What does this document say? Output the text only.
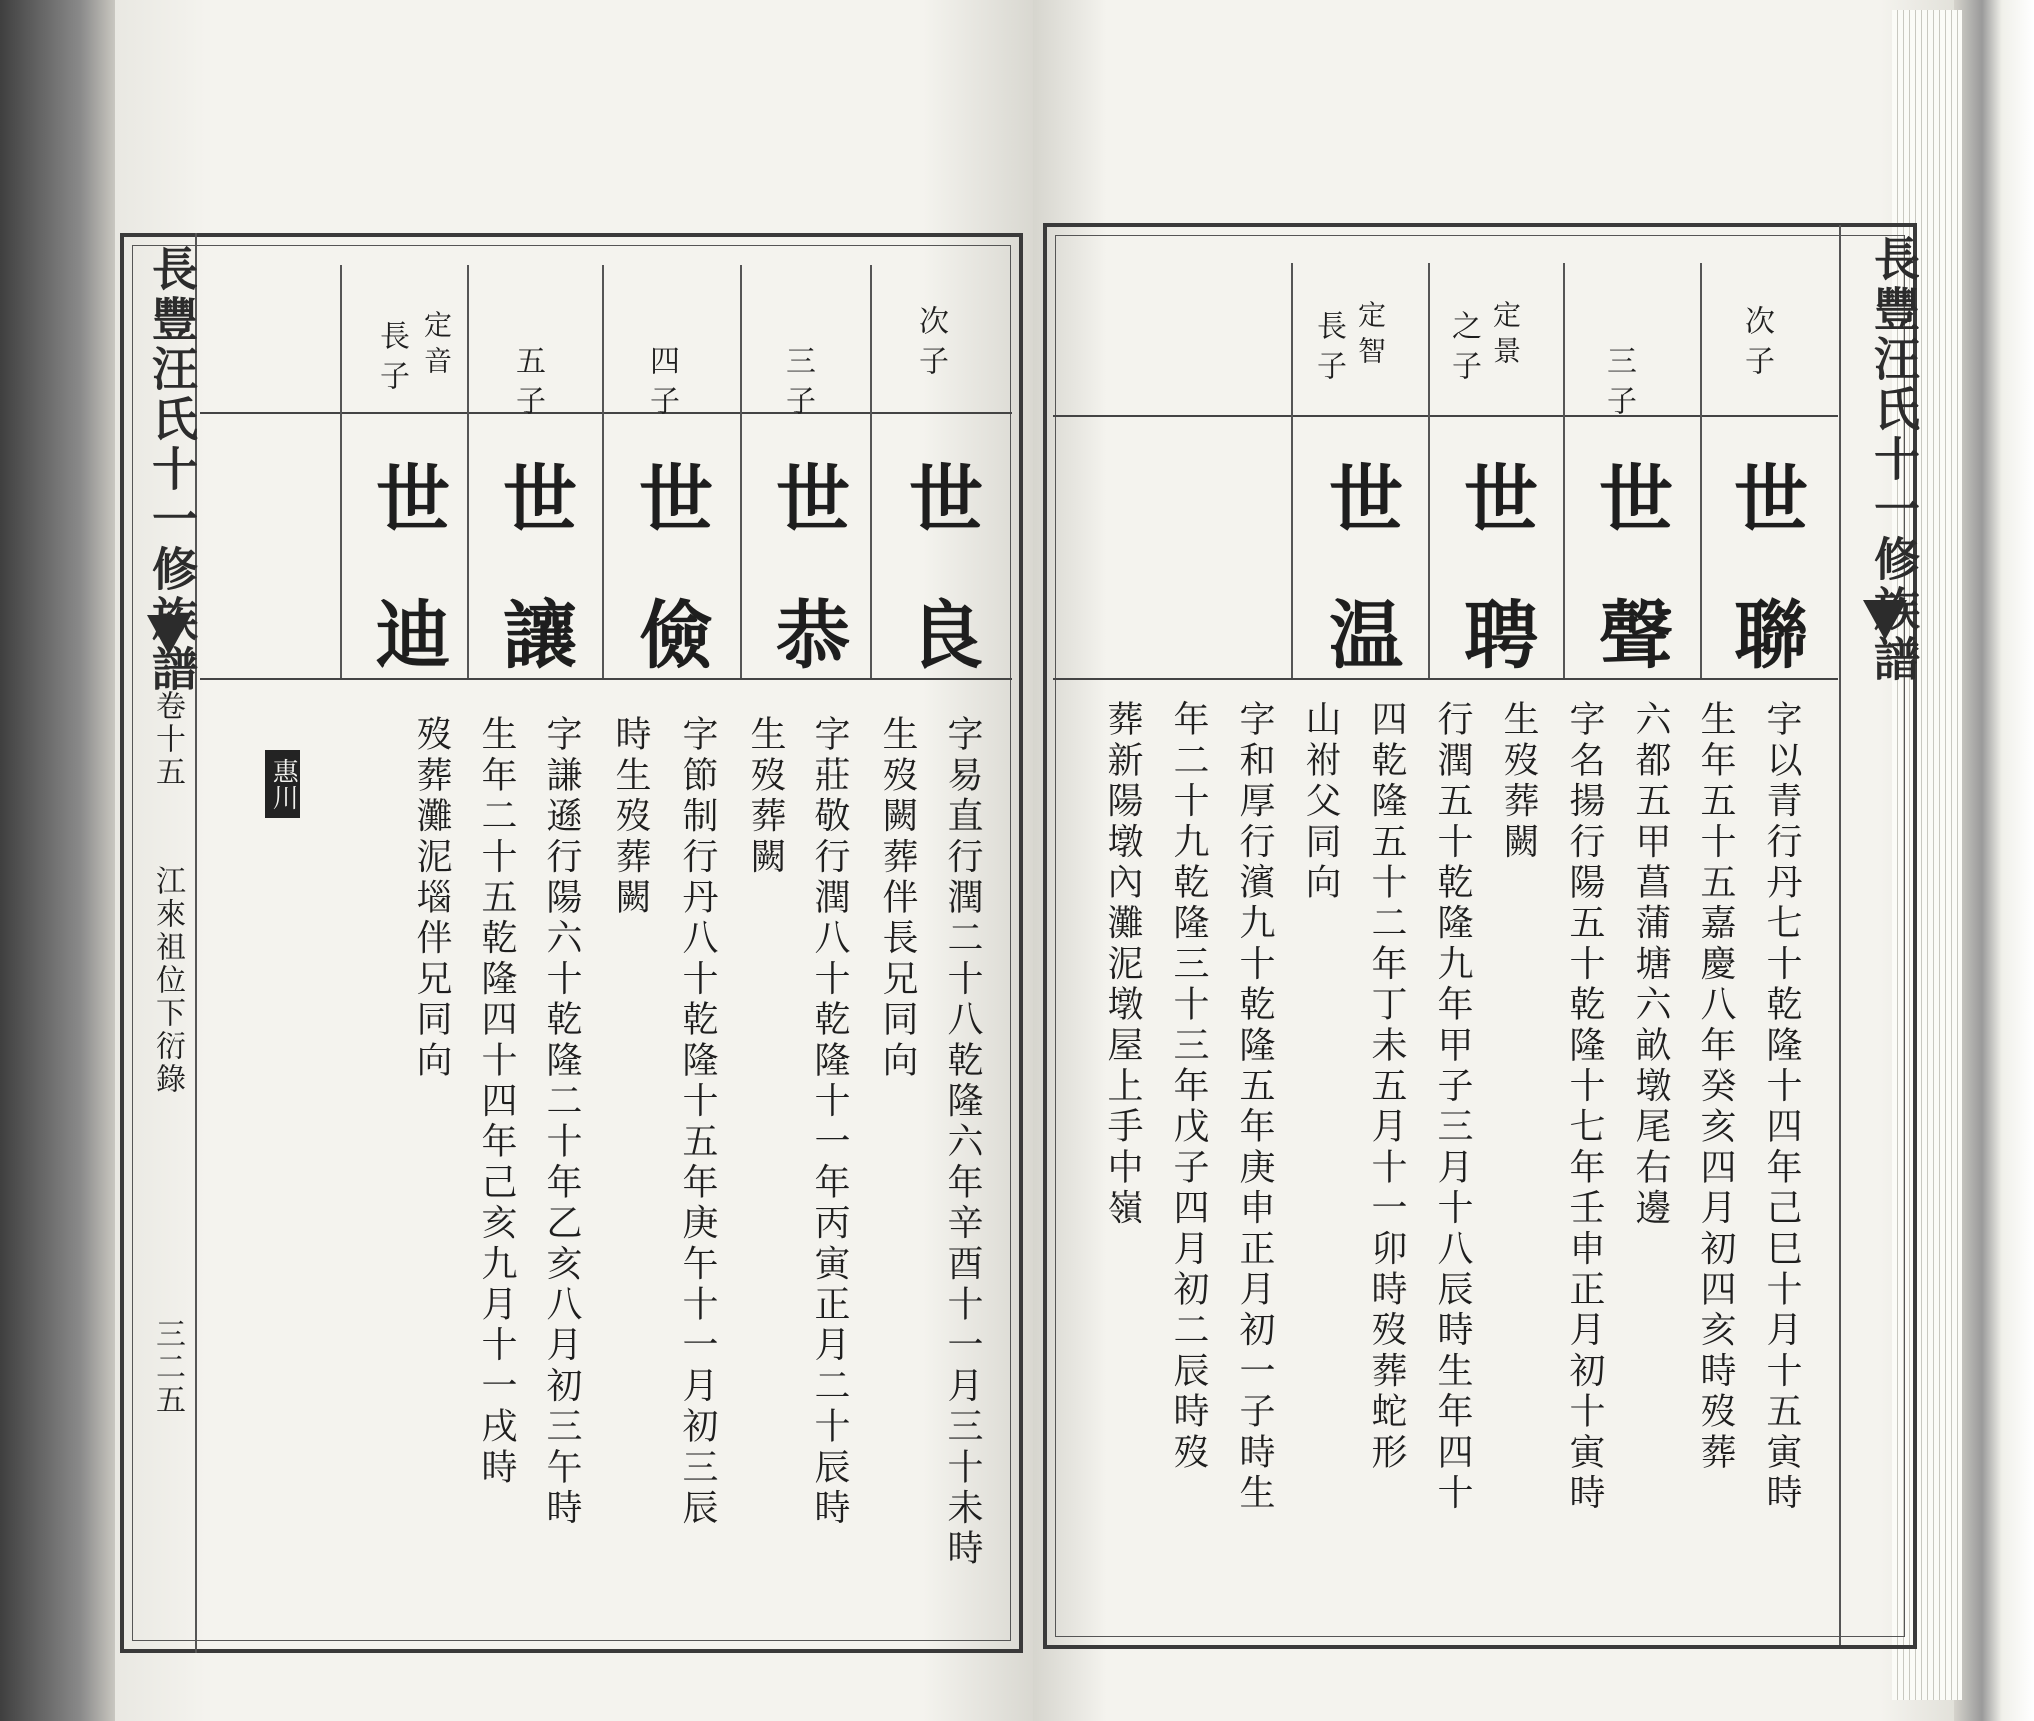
長豐汪氏十一修族譜
卷十五
江來祖位下衍錄
三二五
次子
三子
四子
五子
定音
長子
世良
世恭
世儉
世讓
世迪
字易直行潤二十八乾隆六年辛酉十一月三十未時
生歿闕葬伴長兄同向
字莊敬行潤八十乾隆十一年丙寅正月二十辰時
生歿葬闕
字節制行丹八十乾隆十五年庚午十一月初三辰
時生歿葬闕
字謙遜行陽六十乾隆二十年乙亥八月初三午時
生年二十五乾隆四十四年己亥九月十一戌時
歿葬灘泥堖伴兄同向
惠川
長豐汪氏十一修族譜
次子
三子
定景
之子
定智
長子
世聯
世聲
世聘
世温
字以青行丹七十乾隆十四年己巳十月十五寅時
生年五十五嘉慶八年癸亥四月初四亥時歿葬
六都五甲菖蒲塘六畝墩尾右邊
字名揚行陽五十乾隆十七年壬申正月初十寅時
生歿葬闕
行潤五十乾隆九年甲子三月十八辰時生年四十
四乾隆五十二年丁未五月十一卯時歿葬蛇形
山祔父同向
字和厚行濱九十乾隆五年庚申正月初一子時生
年二十九乾隆三十三年戊子四月初二辰時歿
葬新陽墩內灘泥墩屋上手中嶺
